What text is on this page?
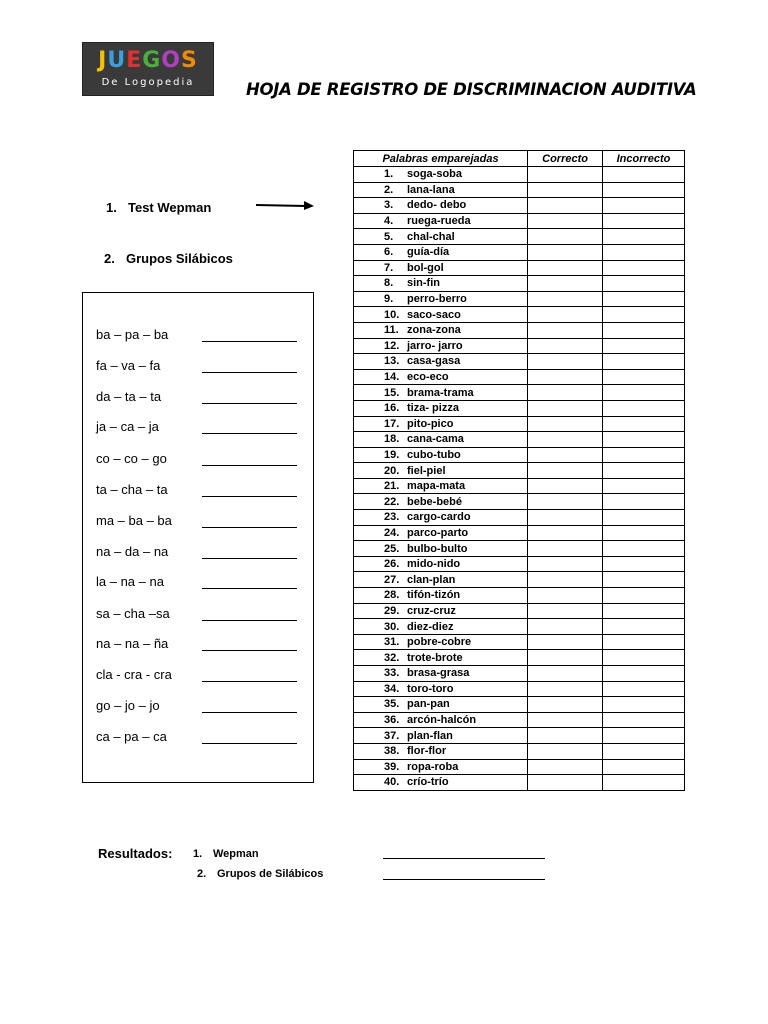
JUEGOS
De Logopedia	HOJA DE REGISTRO DE DISCRIMINACION AUDITIVA
1. Test Wepman
2. Grupos Silábicos
ba – pa – ba
fa – va – fa
da – ta – ta
ja – ca – ja
co – co – go
ta – cha – ta
ma – ba – ba
na – da – na
la – na – na
sa – cha –sa
na – na – ña
cla - cra - cra
go – jo – jo
ca – pa – ca
Palabras emparejadas	Correcto	Incorrecto
1. soga-soba		
2. lana-lana		
3. dedo- debo		
4. ruega-rueda		
5. chal-chal		
6. guía-día		
7. bol-gol		
8. sin-fin		
9. perro-berro		
10. saco-saco		
11. zona-zona		
12. jarro- jarro		
13. casa-gasa		
14. eco-eco		
15. brama-trama		
16. tiza- pizza		
17. pito-pico		
18. cana-cama		
19. cubo-tubo		
20. fiel-piel		
21. mapa-mata		
22. bebe-bebé		
23. cargo-cardo		
24. parco-parto		
25. bulbo-bulto		
26. mido-nido		
27. clan-plan		
28. tifón-tizón		
29. cruz-cruz		
30. diez-diez		
31. pobre-cobre		
32. trote-brote		
33. brasa-grasa		
34. toro-toro		
35. pan-pan		
36. arcón-halcón		
37. plan-flan		
38. flor-flor		
39. ropa-roba		
40. crío-trío		
Resultados: 1. Wepman
2. Grupos de Silábicos
